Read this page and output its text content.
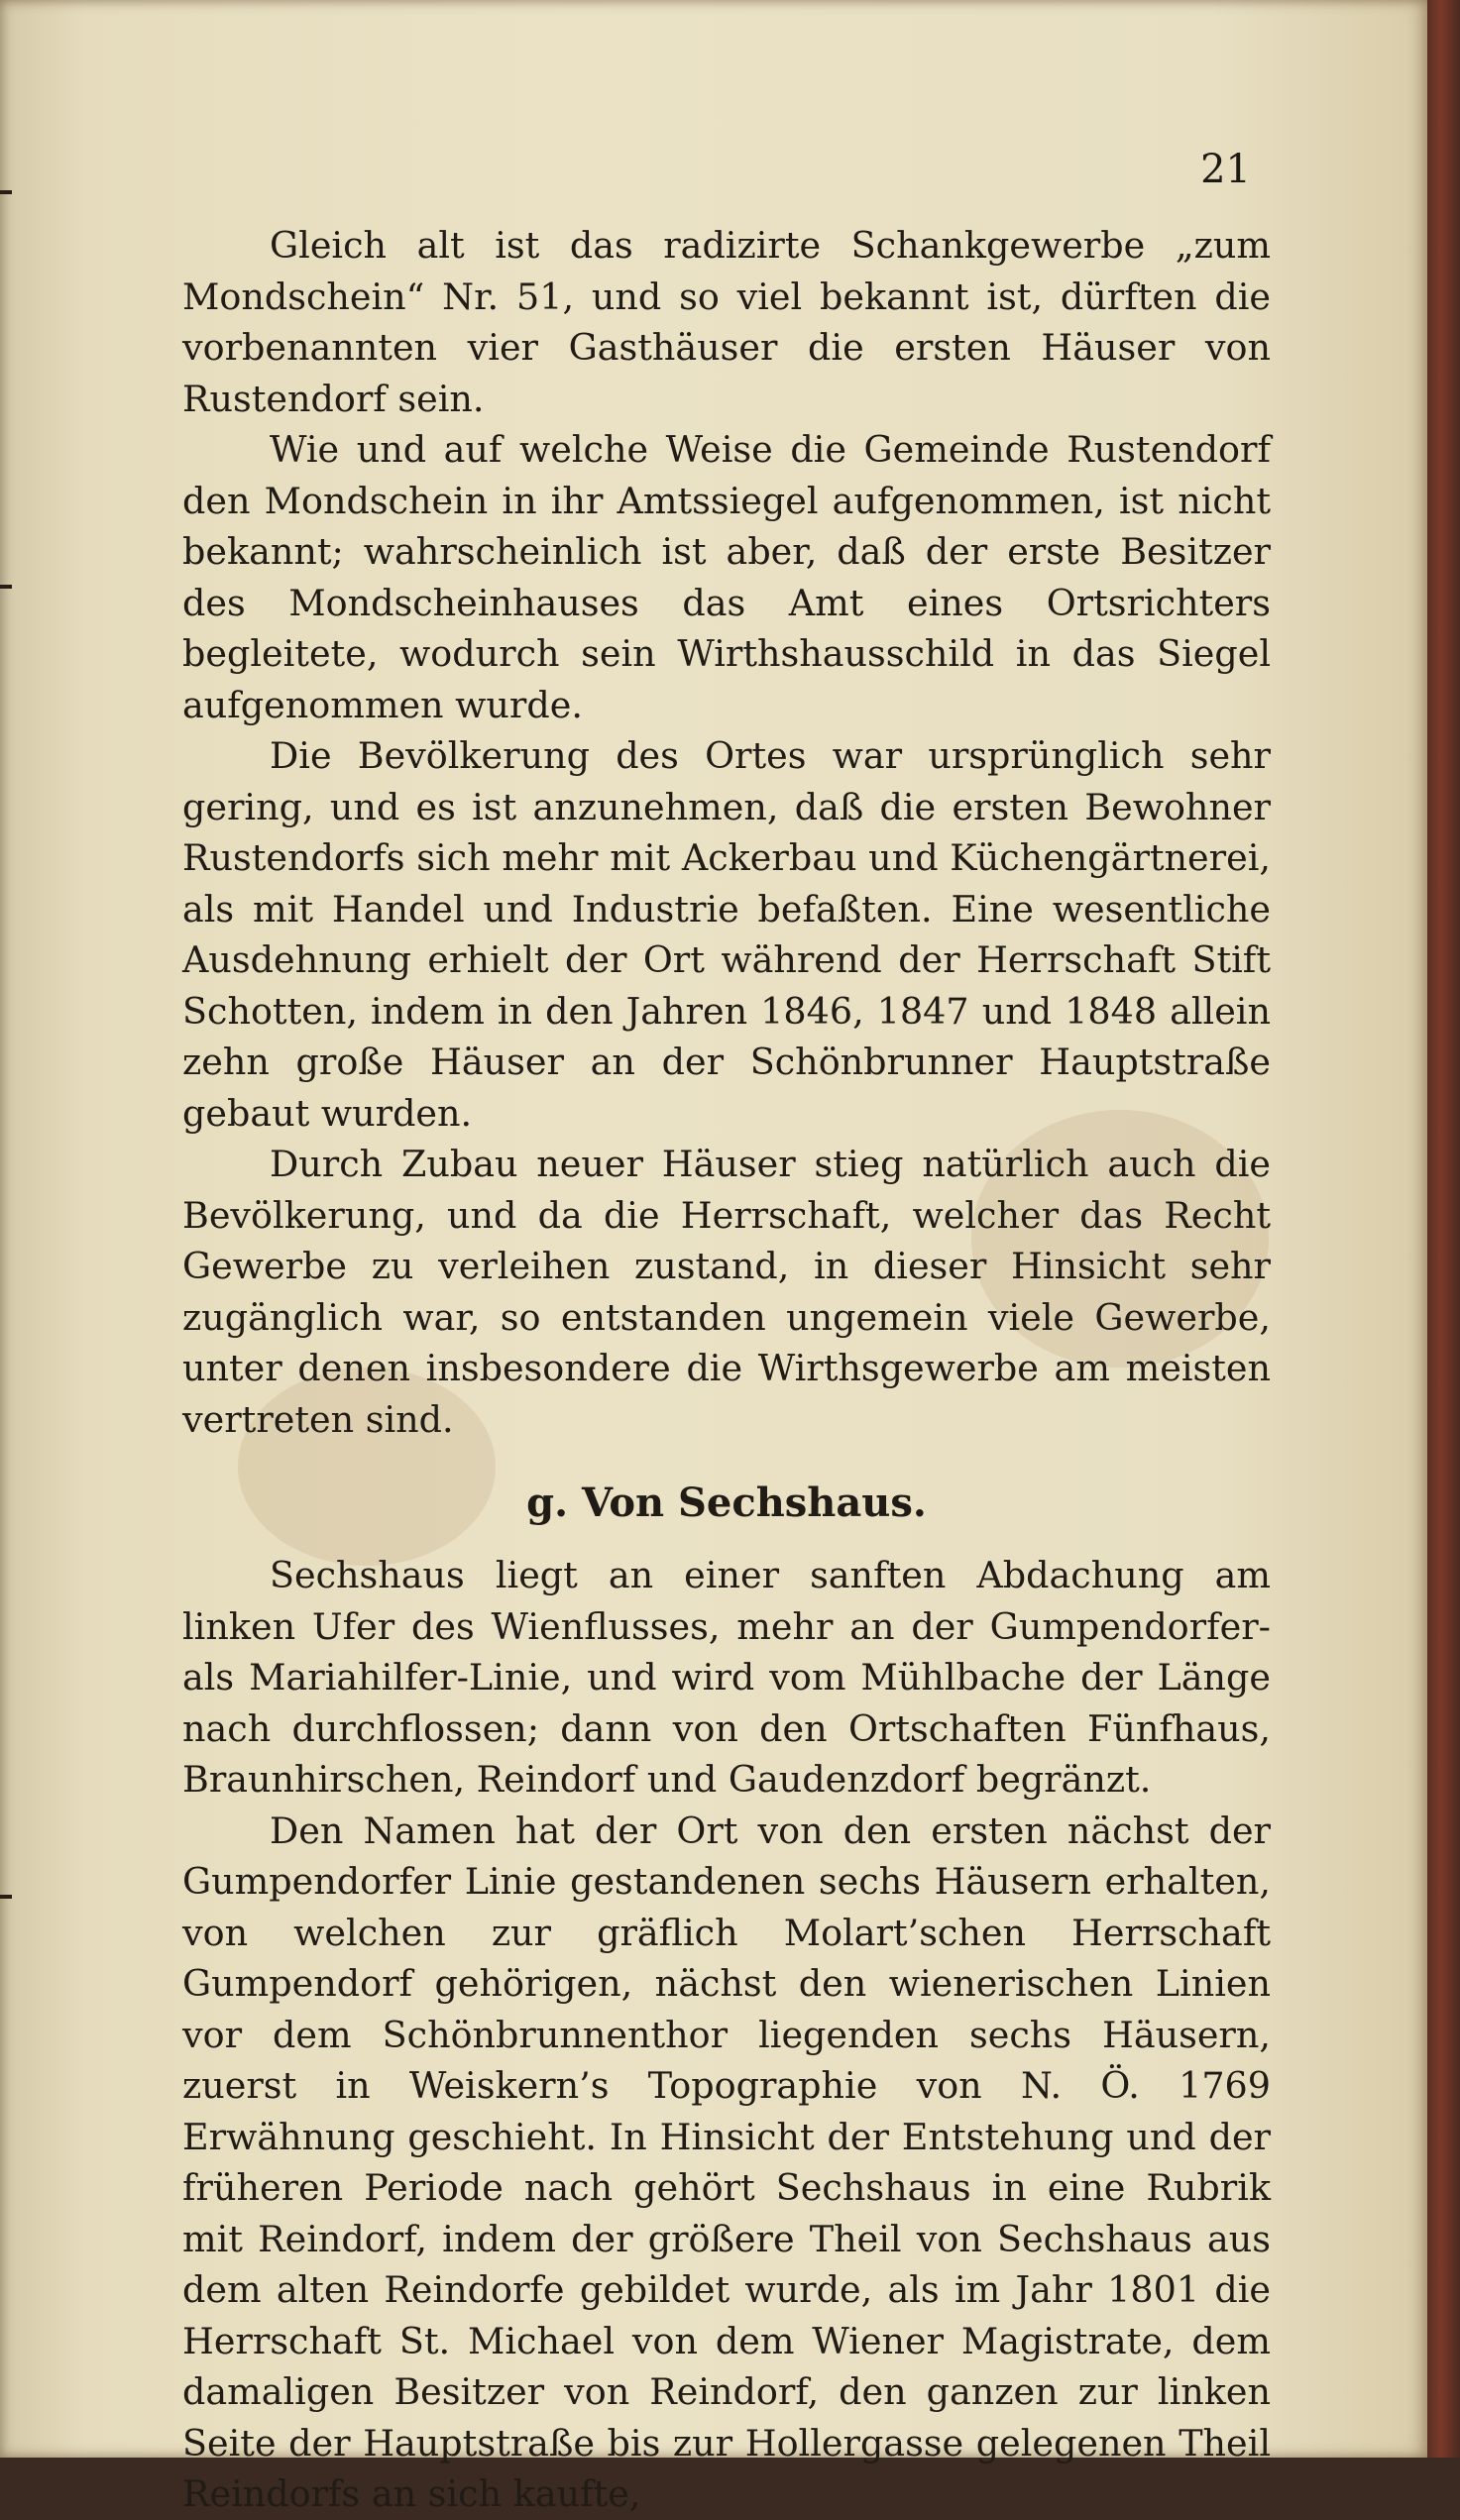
21

Gleich alt ist das radizirte Schankgewerbe „zum Mondschein“ Nr. 51, und so viel bekannt ist, dürften die vorbenannten vier Gasthäuser die ersten Häuser von Rustendorf sein.

Wie und auf welche Weise die Gemeinde Rustendorf den Mondschein in ihr Amtssiegel aufgenommen, ist nicht bekannt; wahrscheinlich ist aber, daß der erste Besitzer des Mondscheinhauses das Amt eines Ortsrichters begleitete, wodurch sein Wirthshausschild in das Siegel aufgenommen wurde.

Die Bevölkerung des Ortes war ursprünglich sehr gering, und es ist anzunehmen, daß die ersten Bewohner Rustendorfs sich mehr mit Ackerbau und Küchengärtnerei, als mit Handel und Industrie befaßten. Eine wesentliche Ausdehnung erhielt der Ort während der Herrschaft Stift Schotten, indem in den Jahren 1846, 1847 und 1848 allein zehn große Häuser an der Schönbrunner Hauptstraße gebaut wurden.

Durch Zubau neuer Häuser stieg natürlich auch die Bevölkerung, und da die Herrschaft, welcher das Recht Gewerbe zu verleihen zustand, in dieser Hinsicht sehr zugänglich war, so entstanden ungemein viele Gewerbe, unter denen insbesondere die Wirthsgewerbe am meisten vertreten sind.

g. Von Sechshaus.

Sechshaus liegt an einer sanften Abdachung am linken Ufer des Wienflusses, mehr an der Gumpendorfer- als Mariahilfer-Linie, und wird vom Mühlbache der Länge nach durchflossen; dann von den Ortschaften Fünfhaus, Braunhirschen, Reindorf und Gaudenzdorf begränzt.

Den Namen hat der Ort von den ersten nächst der Gumpendorfer Linie gestandenen sechs Häusern erhalten, von welchen zur gräflich Molart’schen Herrschaft Gumpendorf gehörigen, nächst den wienerischen Linien vor dem Schönbrunnenthor liegenden sechs Häusern, zuerst in Weiskern’s Topographie von N. Ö. 1769 Erwähnung geschieht. In Hinsicht der Entstehung und der früheren Periode nach gehört Sechshaus in eine Rubrik mit Reindorf, indem der größere Theil von Sechshaus aus dem alten Reindorfe gebildet wurde, als im Jahr 1801 die Herrschaft St. Michael von dem Wiener Magistrate, dem damaligen Besitzer von Reindorf, den ganzen zur linken Seite der Hauptstraße bis zur Hollergasse gelegenen Theil Reindorfs an sich kaufte,
